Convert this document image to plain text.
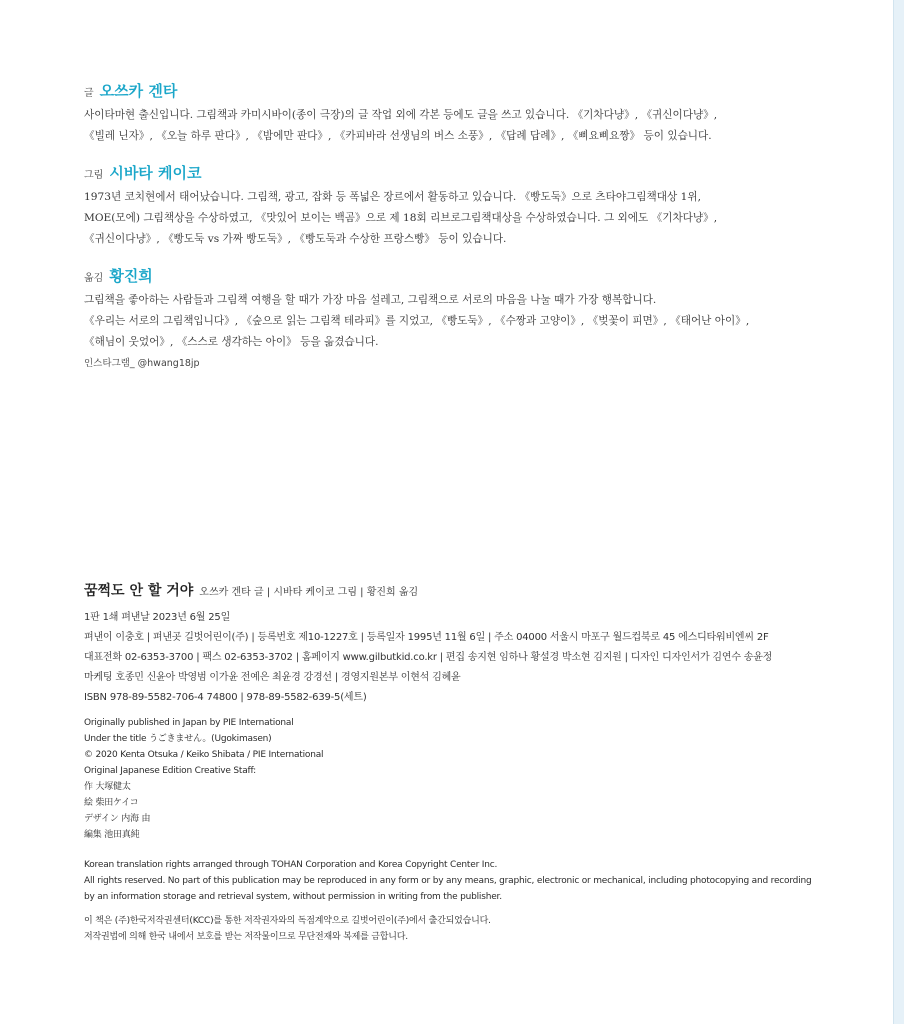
글 오쓰카 겐타
사이타마현 출신입니다. 그림책과 카미시바이(종이 극장)의 글 작업 외에 각본 등에도 글을 쓰고 있습니다. 《기차다냥》, 《귀신이다냥》,
《빌레 닌자》, 《오늘 하루 판다》, 《밤에만 판다》, 《카피바라 선생님의 버스 소풍》, 《답례 답례》, 《삐요삐요짱》 등이 있습니다.
그림 시바타 케이코
1973년 코치현에서 태어났습니다. 그림책, 광고, 잡화 등 폭넓은 장르에서 활동하고 있습니다. 《빵도둑》으로 츠타야그림책대상 1위,
MOE(모에) 그림책상을 수상하였고, 《맛있어 보이는 백곰》으로 제 18회 리브로그림책대상을 수상하였습니다. 그 외에도 《기차다냥》,
《귀신이다냥》, 《빵도둑 vs 가짜 빵도둑》, 《빵도둑과 수상한 프랑스빵》 등이 있습니다.
옮김 황진희
그림책을 좋아하는 사람들과 그림책 여행을 할 때가 가장 마음 설레고, 그림책으로 서로의 마음을 나눌 때가 가장 행복합니다.
《우리는 서로의 그림책입니다》, 《숲으로 읽는 그림책 테라피》를 지었고, 《빵도둑》, 《수짱과 고양이》, 《벚꽃이 피면》, 《태어난 아이》,
《해님이 웃었어》, 《스스로 생각하는 아이》 등을 옮겼습니다.
인스타그램_ @hwang18jp
꿈쩍도 안 할 거야 오쓰카 겐타 글 | 시바타 케이코 그림 | 황진희 옮김
1판 1쇄 펴낸날 2023년 6월 25일
펴낸이 이충호 | 펴낸곳 길벗어린이(주) | 등록번호 제10-1227호 | 등록일자 1995년 11월 6일 | 주소 04000 서울시 마포구 월드컵북로 45 에스디타워비엔씨 2F
대표전화 02-6353-3700 | 팩스 02-6353-3702 | 홈페이지 www.gilbutkid.co.kr | 편집 송지현 임하나 황설경 박소현 김지원 | 디자인 디자인서가 김연수 송윤정
마케팅 호종민 신윤아 박영범 이가윤 전예은 최윤경 강경선 | 경영지원본부 이현석 김혜윤
ISBN 978-89-5582-706-4 74800 | 978-89-5582-639-5(세트)
Originally published in Japan by PIE International
Under the title うごきません。(Ugokimasen)
© 2020 Kenta Otsuka / Keiko Shibata / PIE International
Original Japanese Edition Creative Staff:
作 大塚健太
絵 柴田ケイコ
デザイン 内海 由
編集 池田真純
Korean translation rights arranged through TOHAN Corporation and Korea Copyright Center Inc.
All rights reserved. No part of this publication may be reproduced in any form or by any means, graphic, electronic or mechanical, including photocopying and recording
by an information storage and retrieval system, without permission in writing from the publisher.
이 책은 (주)한국저작권센터(KCC)를 통한 저작권자와의 독점계약으로 길벗어린이(주)에서 출간되었습니다.
저작권법에 의해 한국 내에서 보호를 받는 저작물이므로 무단전재와 복제를 금합니다.
